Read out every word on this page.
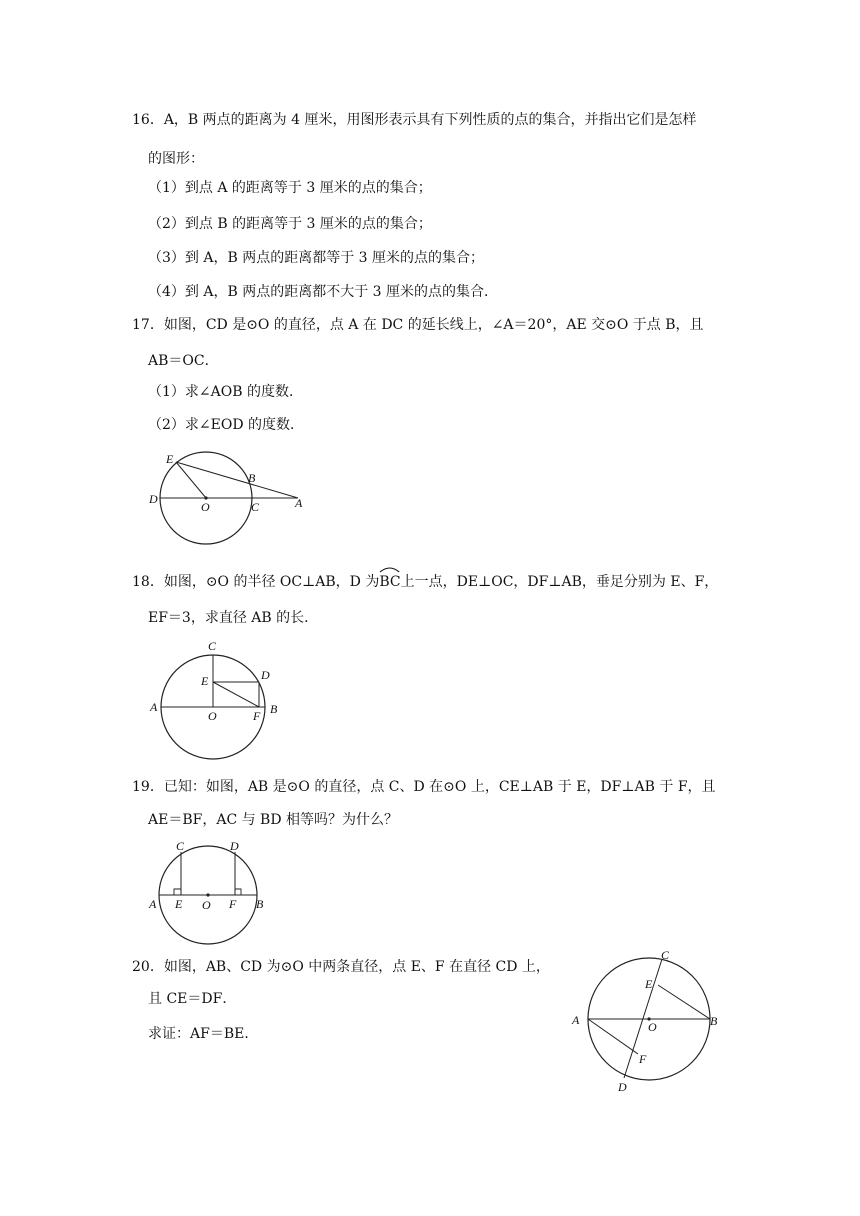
16．A，B 两点的距离为 4 厘米，用图形表示具有下列性质的点的集合，并指出它们是怎样
的图形：
（1）到点 A 的距离等于 3 厘米的点的集合；
（2）到点 B 的距离等于 3 厘米的点的集合；
（3）到 A，B 两点的距离都等于 3 厘米的点的集合；
（4）到 A，B 两点的距离都不大于 3 厘米的点的集合．
17．如图，CD 是⊙O 的直径，点 A 在 DC 的延长线上，∠A＝20°，AE 交⊙O 于点 B，且
AB＝OC．
（1）求∠AOB 的度数．
（2）求∠EOD 的度数．
E
B
D
O	C	A
18．如图，⊙O 的半径 OC⊥AB，D 为
BC上一点，DE⊥OC，DF⊥AB，垂足分别为 E、F，
EF＝3，求直径 AB 的长．
C
D
E
A
O	F B
19．已知：如图，AB 是⊙O 的直径，点 C、D 在⊙O 上，CE⊥AB 于 E，DF⊥AB 于 F，且
AE＝BF，AC 与 BD 相等吗？为什么？
C	D
A E O F B
20．如图，AB、CD 为⊙O 中两条直径，点 E、F 在直径 CD 上，
且 CE＝DF．
求证：AF＝BE．
C
E
A	O	B
F
D
